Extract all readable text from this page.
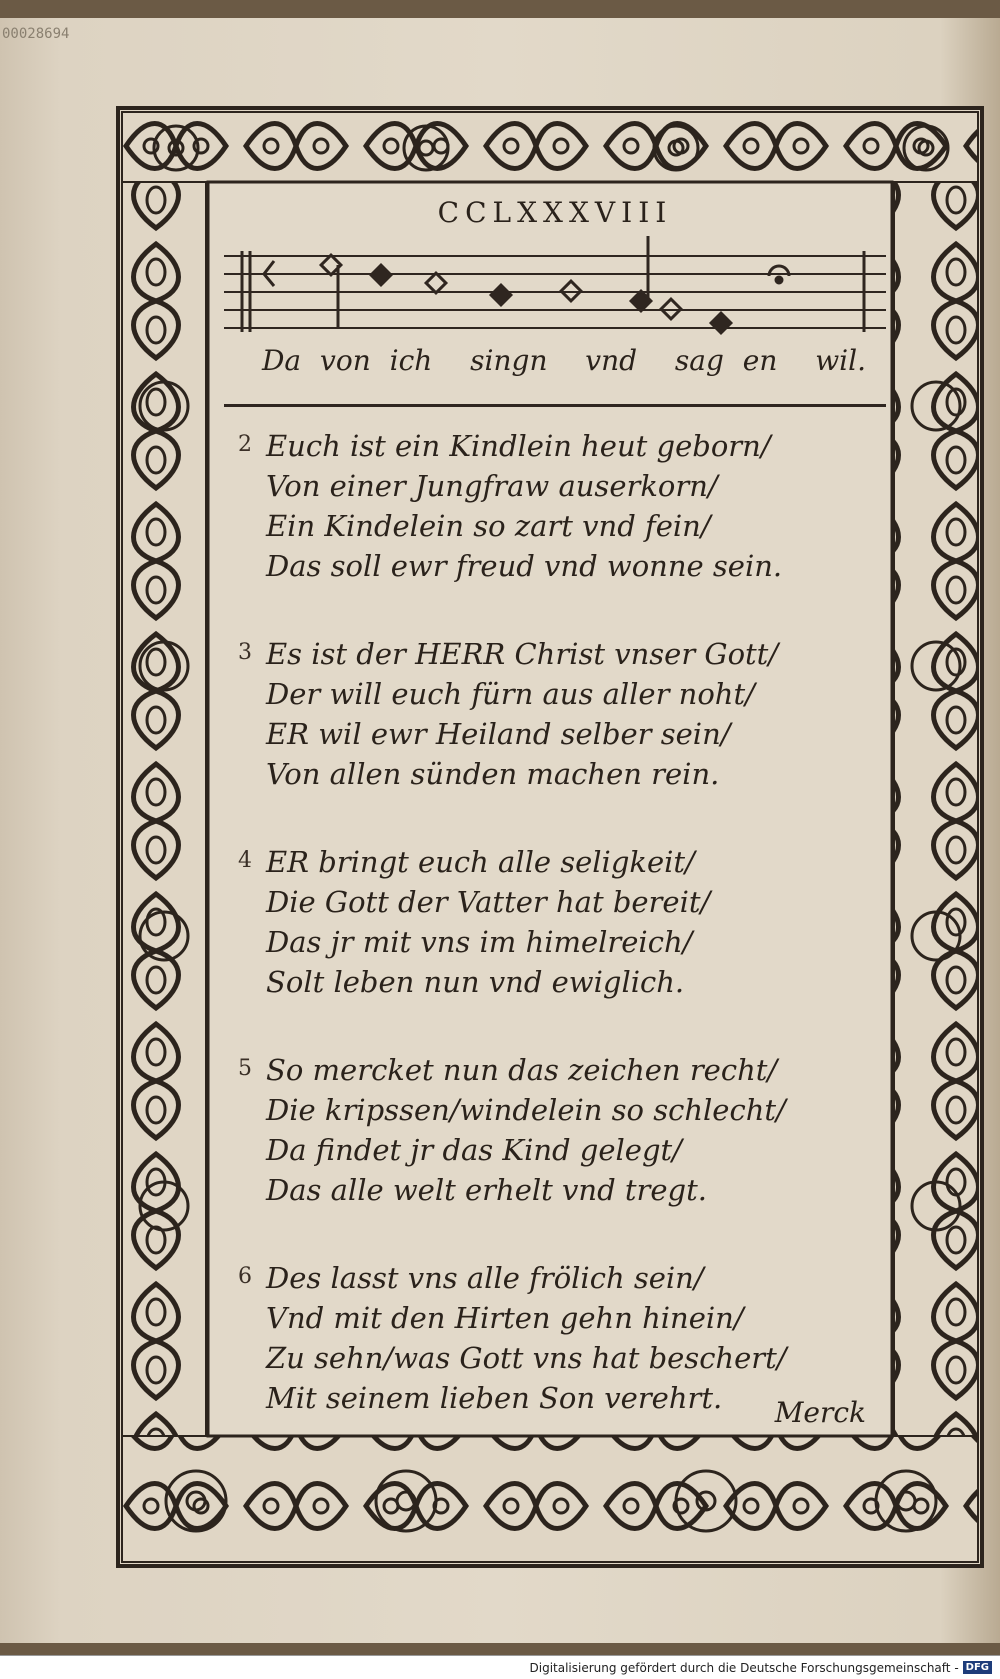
00028694
CCLXXXVIII
Da
von
ich
singn
vnd
sag
en
wil.
2 Euch ist ein Kindlein heut geborn/
Von einer Jungfraw auserkorn/
Ein Kindelein so zart vnd fein/
Das soll ewr freud vnd wonne sein.
3 Es ist der HERR Christ vnser Gott/
Der will euch fürn aus aller noht/
ER wil ewr Heiland selber sein/
Von allen sünden machen rein.
4 ER bringt euch alle seligkeit/
Die Gott der Vatter hat bereit/
Das jr mit vns im himelreich/
Solt leben nun vnd ewiglich.
5 So mercket nun das zeichen recht/
Die kripssen/windelein so schlecht/
Da findet jr das Kind gelegt/
Das alle welt erhelt vnd tregt.
6 Des lasst vns alle frölich sein/
Vnd mit den Hirten gehn hinein/
Zu sehn/was Gott vns hat beschert/
Mit seinem lieben Son verehrt.	Merck
Digitalisierung gefördert durch die Deutsche Forschungsgemeinschaft - DFG
